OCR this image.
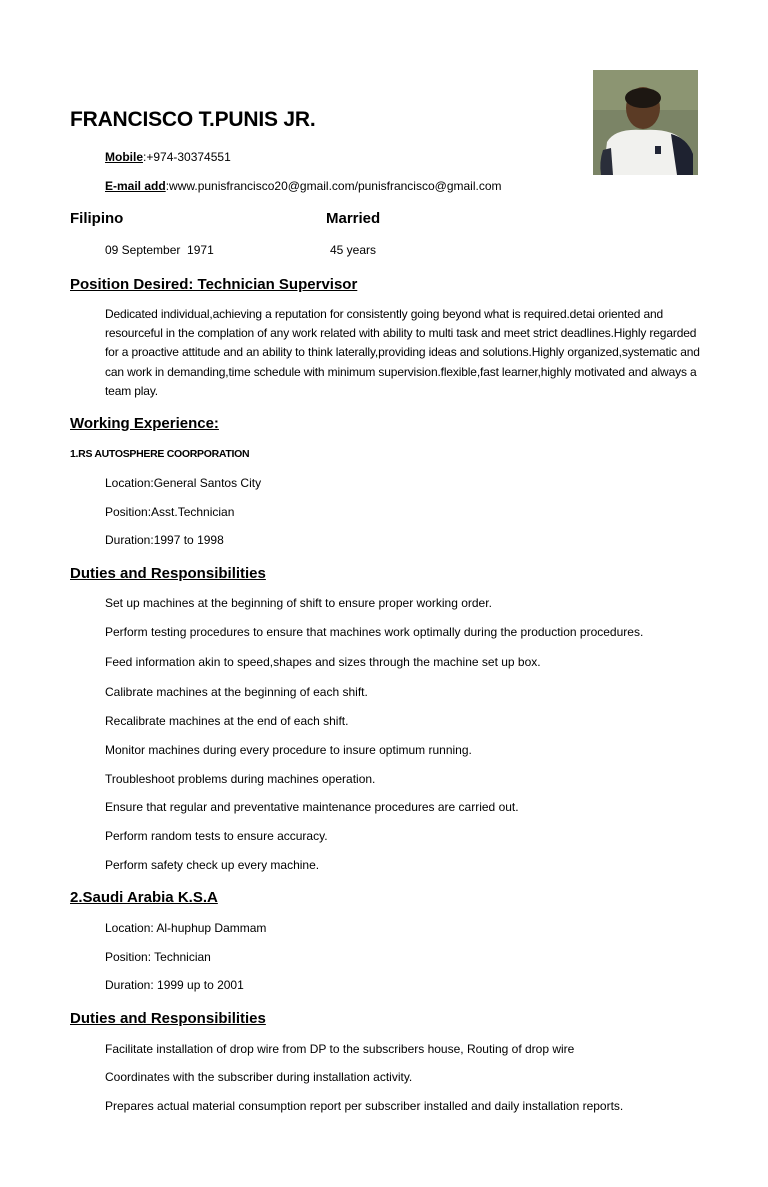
FRANCISCO T.PUNIS JR.
Mobile:+974-30374551
E-mail add:www.punisfrancisco20@gmail.com/punisfrancisco@gmail.com
Filipino	Married
09 September  1971	45 years
Position Desired: Technician Supervisor
Dedicated individual,achieving a reputation for consistently going beyond what is required.detai oriented and resourceful in the complation of any work related with ability to multi task and meet strict deadlines.Highly regarded for a proactive attitude and an ability to think laterally,providing ideas and solutions.Highly organized,systematic and can work in demanding,time schedule with minimum supervision.flexible,fast learner,highly motivated and always a team play.
Working Experience:
1.RS AUTOSPHERE COORPORATION
Location:General Santos City
Position:Asst.Technician
Duration:1997 to 1998
Duties and Responsibilities
Set up machines at the beginning of shift to ensure proper working order.
Perform testing procedures to ensure that machines work optimally during the production procedures.
Feed information akin to speed,shapes and sizes through the machine set up box.
Calibrate machines at the beginning of each shift.
Recalibrate machines at the end of each shift.
Monitor machines during every procedure to insure optimum running.
Troubleshoot problems during machines operation.
Ensure that regular and preventative maintenance procedures are carried out.
Perform random tests to ensure accuracy.
Perform safety check up every machine.
2.Saudi Arabia K.S.A
Location: Al-huphup Dammam
Position: Technician
Duration: 1999 up to 2001
Duties and Responsibilities
Facilitate installation of drop wire from DP to the subscribers house, Routing of drop wire
Coordinates with the subscriber during installation activity.
Prepares actual material consumption report per subscriber installed and daily installation reports.
